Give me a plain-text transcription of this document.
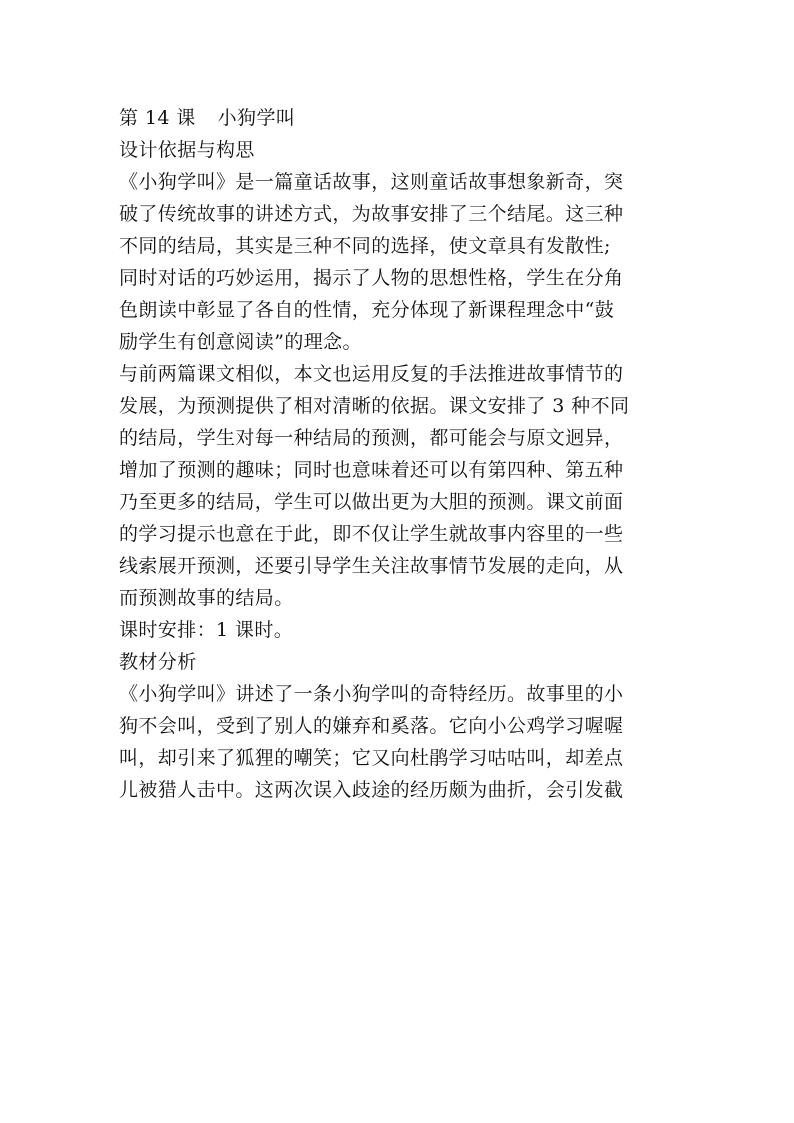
第 14 课 小狗学叫
设计依据与构思
《小狗学叫》是一篇童话故事，这则童话故事想象新奇，突
破了传统故事的讲述方式，为故事安排了三个结尾。这三种
不同的结局，其实是三种不同的选择，使文章具有发散性;
同时对话的巧妙运用，揭示了人物的思想性格，学生在分角
色朗读中彰显了各自的性情，充分体现了新课程理念中“鼓
励学生有创意阅读”的理念。
与前两篇课文相似，本文也运用反复的手法推进故事情节的
发展，为预测提供了相对清晰的依据。课文安排了 3 种不同
的结局，学生对每一种结局的预测，都可能会与原文迥异，
增加了预测的趣味；同时也意味着还可以有第四种、第五种
乃至更多的结局，学生可以做出更为大胆的预测。课文前面
的学习提示也意在于此，即不仅让学生就故事内容里的一些
线索展开预测，还要引导学生关注故事情节发展的走向，从
而预测故事的结局。
课时安排：1 课时。
教材分析
《小狗学叫》讲述了一条小狗学叫的奇特经历。故事里的小
狗不会叫，受到了别人的嫌弃和奚落。它向小公鸡学习喔喔
叫，却引来了狐狸的嘲笑；它又向杜鹃学习咕咕叫，却差点
儿被猎人击中。这两次误入歧途的经历颇为曲折，会引发截
